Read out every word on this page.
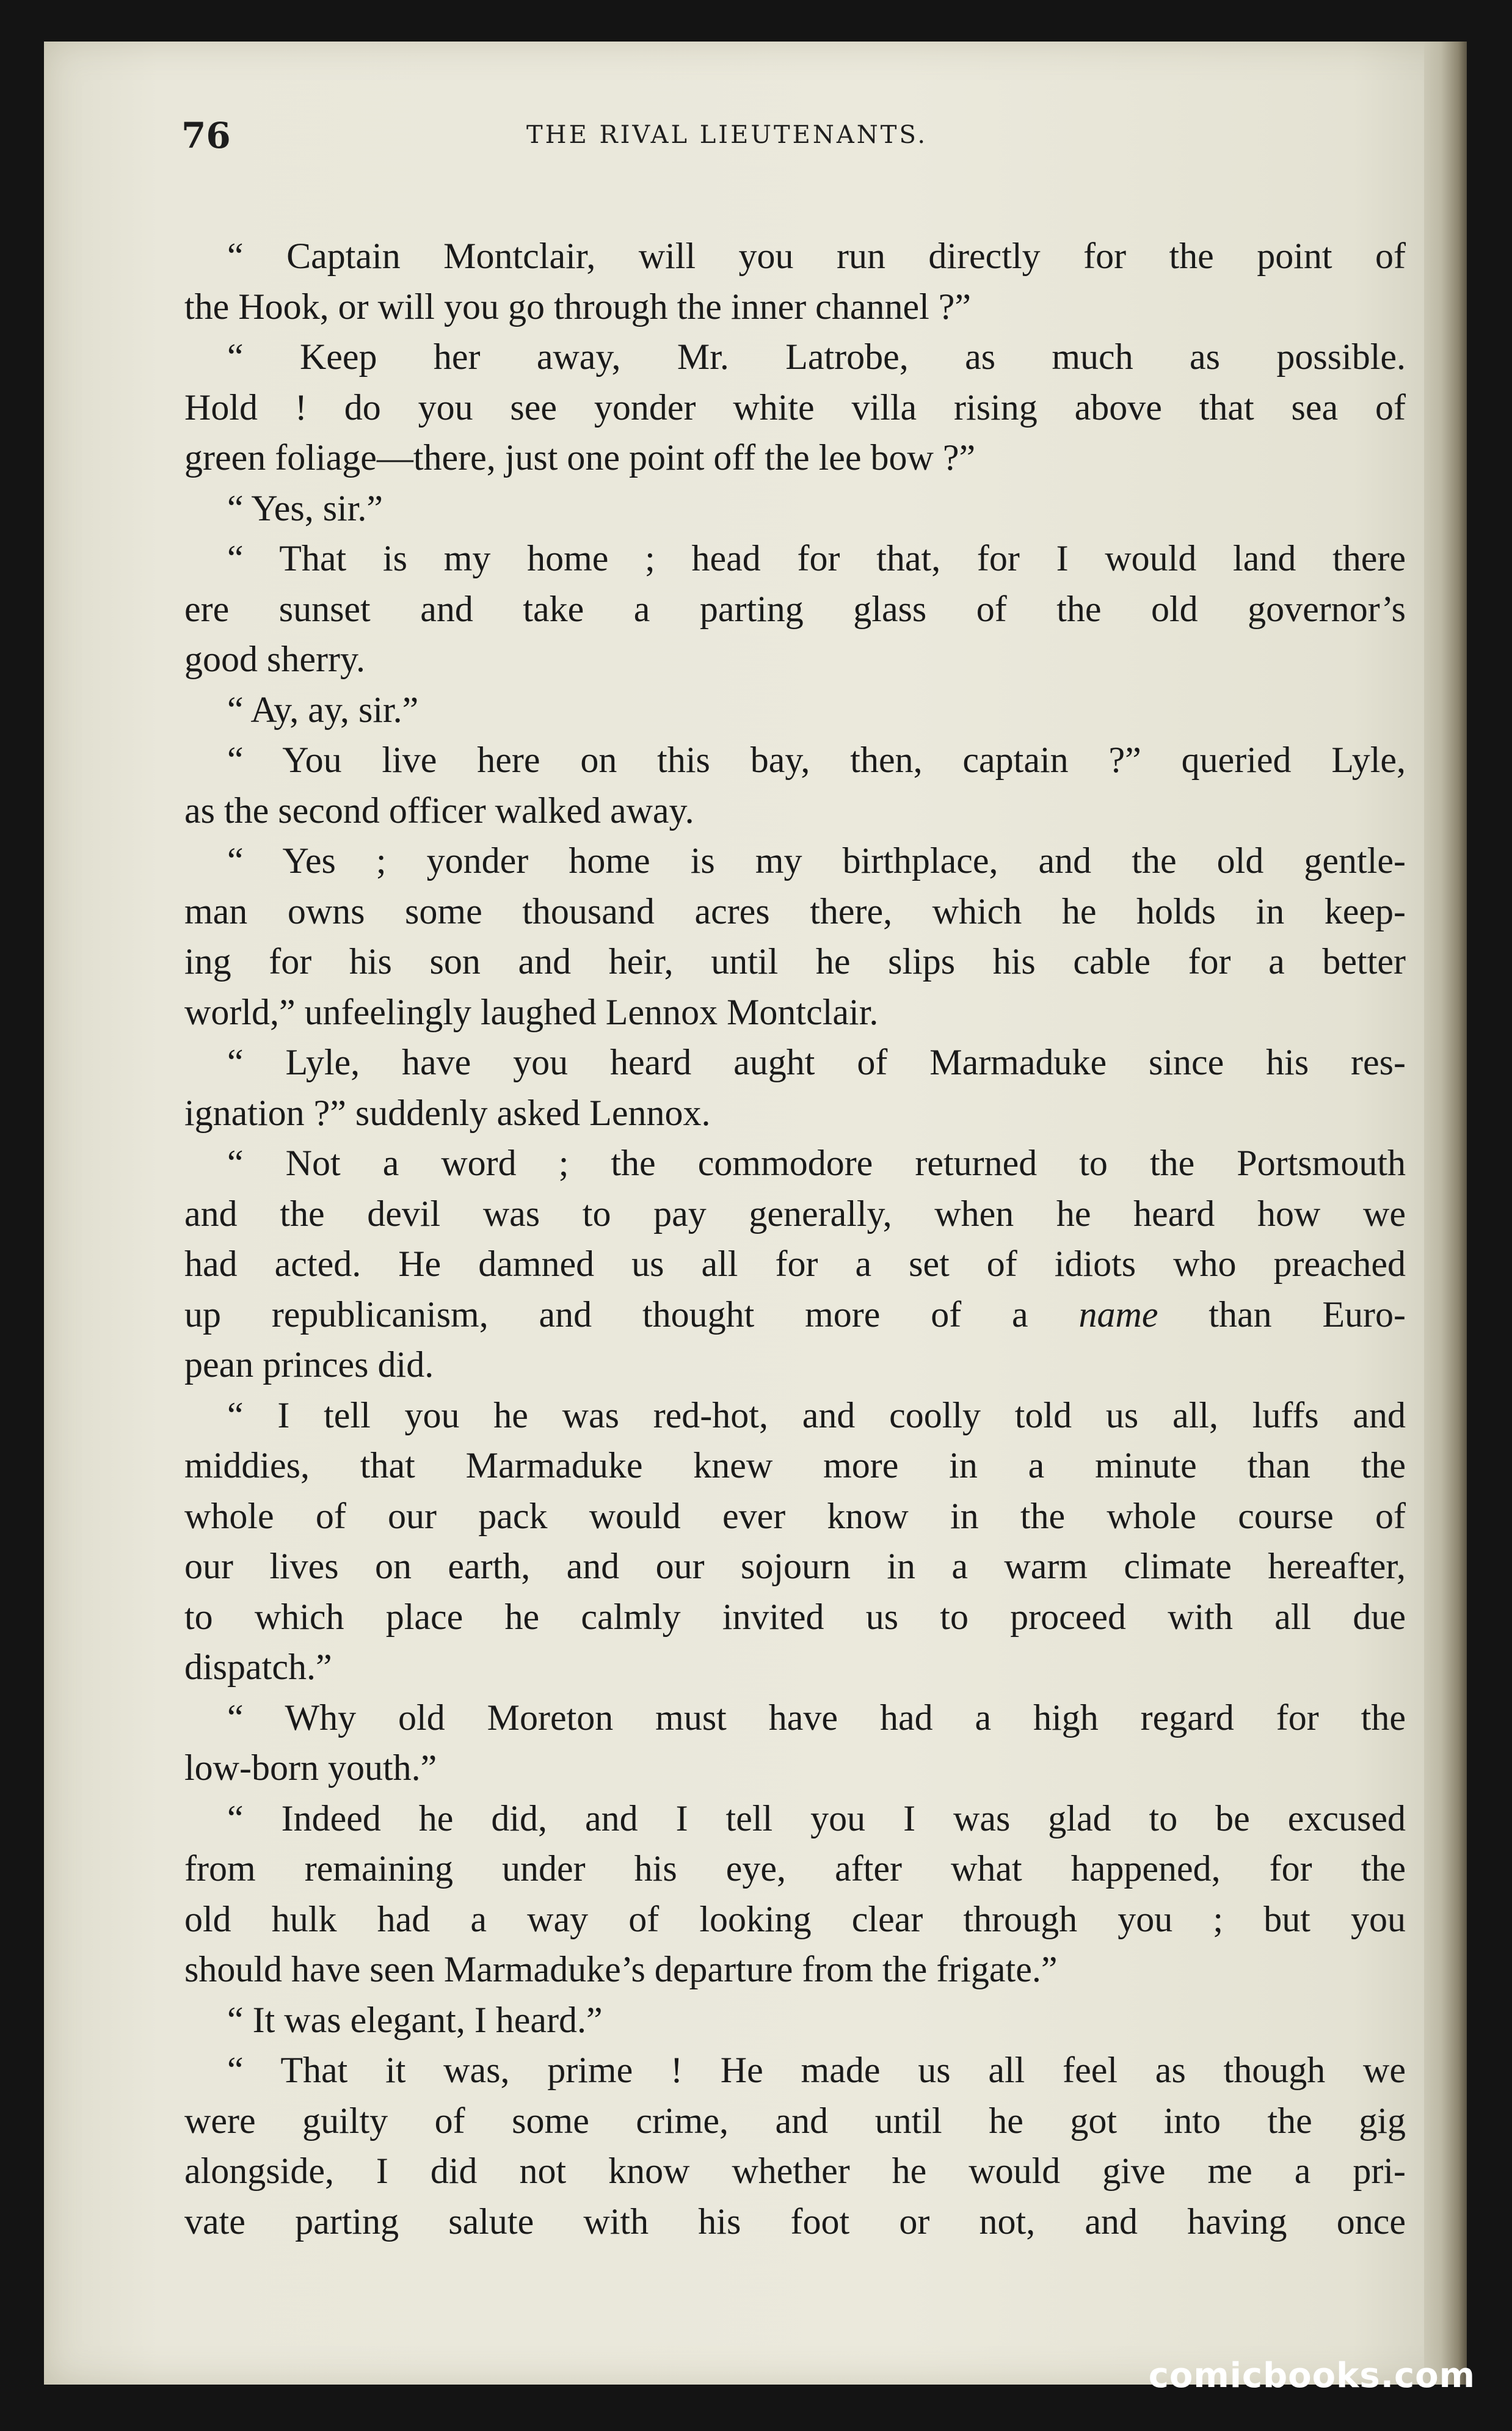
76	THE RIVAL LIEUTENANTS.
“ Captain Montclair, will you run directly for the point of
the Hook, or will you go through the inner channel ?”
“ Keep her away, Mr. Latrobe, as much as possible.
Hold ! do you see yonder white villa rising above that sea of
green foliage—there, just one point off the lee bow ?”
“ Yes, sir.”
“ That is my home ; head for that, for I would land there
ere sunset and take a parting glass of the old governor’s
good sherry.
“ Ay, ay, sir.”
“ You live here on this bay, then, captain ?” queried Lyle,
as the second officer walked away.
“ Yes ; yonder home is my birthplace, and the old gentle-
man owns some thousand acres there, which he holds in keep-
ing for his son and heir, until he slips his cable for a better
world,” unfeelingly laughed Lennox Montclair.
“ Lyle, have you heard aught of Marmaduke since his res-
ignation ?” suddenly asked Lennox.
“ Not a word ; the commodore returned to the Portsmouth
and the devil was to pay generally, when he heard how we
had acted. He damned us all for a set of idiots who preached
up republicanism, and thought more of a name than Euro-
pean princes did.
“ I tell you he was red-hot, and coolly told us all, luffs and
middies, that Marmaduke knew more in a minute than the
whole of our pack would ever know in the whole course of
our lives on earth, and our sojourn in a warm climate hereafter,
to which place he calmly invited us to proceed with all due
dispatch.”
“ Why old Moreton must have had a high regard for the
low-born youth.”
“ Indeed he did, and I tell you I was glad to be excused
from remaining under his eye, after what happened, for the
old hulk had a way of looking clear through you ; but you
should have seen Marmaduke’s departure from the frigate.”
“ It was elegant, I heard.”
“ That it was, prime ! He made us all feel as though we
were guilty of some crime, and until he got into the gig
alongside, I did not know whether he would give me a pri-
vate parting salute with his foot or not, and having once
comicbooks.com
